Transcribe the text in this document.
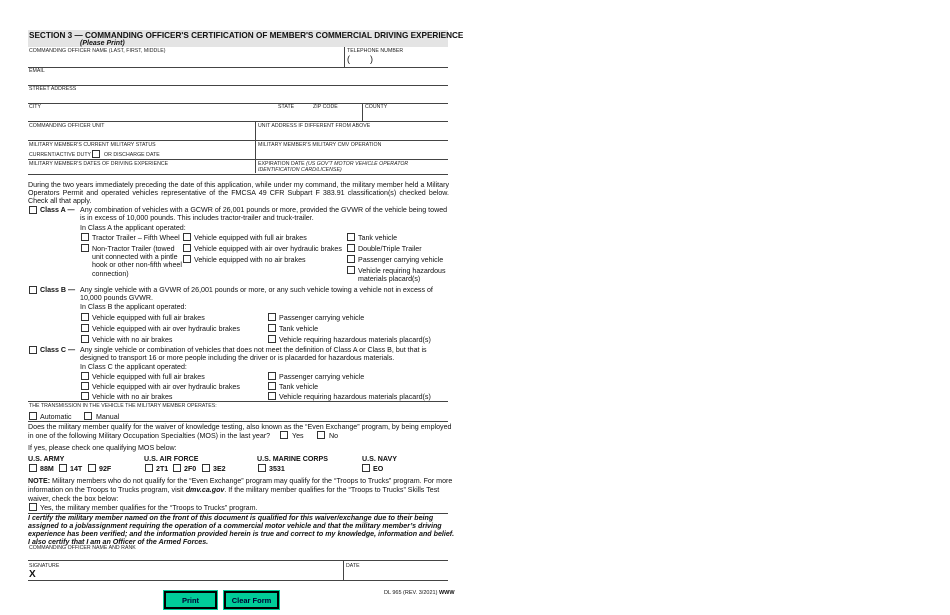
SECTION 3 — COMMANDING OFFICER'S CERTIFICATION OF MEMBER'S COMMERCIAL DRIVING EXPERIENCE
(Please Print)
COMMANDING OFFICER NAME (LAST, FIRST, MIDDLE)	TELEPHONE NUMBER
(        )
EMAIL
STREET ADDRESS
CITY	STATE	ZIP CODE	COUNTY
COMMANDING OFFICER UNIT	UNIT ADDRESS IF DIFFERENT FROM ABOVE
MILITARY MEMBER'S CURRENT MILITARY STATUS
CURRENT/ACTIVE DUTY OR DISCHARGE DATE
MILITARY MEMBER'S MILITARY CMV OPERATION
MILITARY MEMBER'S DATES OF DRIVING EXPERIENCE	EXPIRATION DATE (US GOV'T MOTOR VEHICLE OPERATOR IDENTIFICATION CARD/LICENSE)
During the two years immediately preceding the date of this application, while under my command, the military member held a Military Operators Permit and operated vehicles representative of the FMCSA 49 CFR Subpart F 383.91 classification(s) checked below. Check all that apply.
Class A — Any combination of vehicles with a GCWR of 26,001 pounds or more, provided the GVWR of the vehicle being towed is in excess of 10,000 pounds. This includes tractor-trailer and truck-trailer.
In Class A the applicant operated:
Tractor Trailer – Fifth Wheel
Non-Tractor Trailer (towed unit connected with a pintle hook or other non-fifth wheel connection)
Vehicle equipped with full air brakes
Vehicle equipped with air over hydraulic brakes
Vehicle equipped with no air brakes
Tank vehicle
Double/Triple Trailer
Passenger carrying vehicle
Vehicle requiring hazardous materials placard(s)
Class B — Any single vehicle with a GVWR of 26,001 pounds or more, or any such vehicle towing a vehicle not in excess of 10,000 pounds GVWR.
In Class B the applicant operated:
Vehicle equipped with full air brakes
Vehicle equipped with air over hydraulic brakes
Vehicle with no air brakes
Passenger carrying vehicle
Tank vehicle
Vehicle requiring hazardous materials placard(s)
Class C — Any single vehicle or combination of vehicles that does not meet the definition of Class A or Class B, but that is designed to transport 16 or more people including the driver or is placarded for hazardous materials.
In Class C the applicant operated:
Vehicle equipped with full air brakes
Vehicle equipped with air over hydraulic brakes
Vehicle with no air brakes
Passenger carrying vehicle
Tank vehicle
Vehicle requiring hazardous materials placard(s)
THE TRANSMISSION IN THE VEHICLE THE MILITARY MEMBER OPERATES:
Automatic	Manual
Does the military member qualify for the waiver of knowledge testing, also known as the “Even Exchange” program, by being employed
in one of the following Military Occupation Specialties (MOS) in the last year?	Yes	No
If yes, please check one qualifying MOS below:
U.S. ARMY
88M 14T 92F
U.S. AIR FORCE
2T1 2F0 3E2
U.S. MARINE CORPS
3531
U.S. NAVY
EO
NOTE: Military members who do not qualify for the “Even Exchange” program may qualify for the “Troops to Trucks” program. For more
information on the Troops to Trucks program, visit dmv.ca.gov. If the military member qualifies for the “Troops to Trucks” Skills Test
waiver, check the box below:
Yes, the military member qualifies for the “Troops to Trucks” program.
I certify the military member named on the front of this document is qualified for this waiver/exchange due to their being
assigned to a job/assignment requiring the operation of a commercial motor vehicle and that the military member’s driving
experience has been verified; and the information provided herein is true and correct to my knowledge, information and belief.
I also certify that I am an Officer of the Armed Forces.
COMMANDING OFFICER NAME AND RANK
SIGNATURE
X
DATE
Print	Clear Form
DL 965 (REV. 3/2021) WWW
